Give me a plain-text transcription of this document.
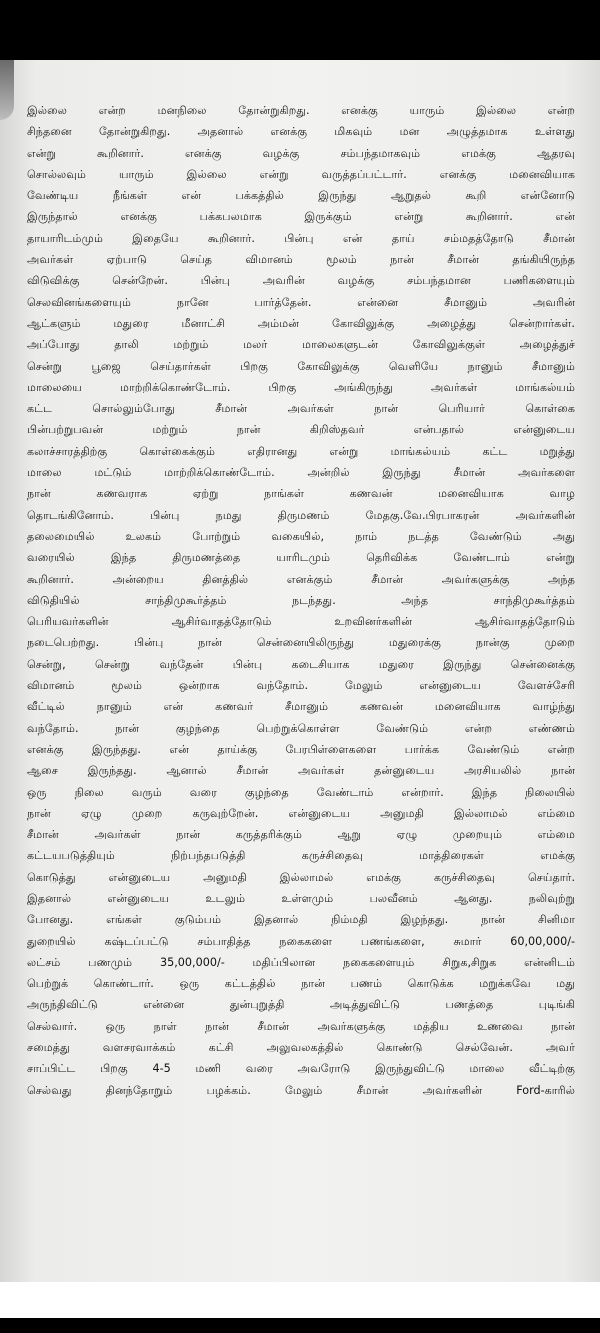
இல்லை என்ற மனநிலை தோன்றுகிறது. எனக்கு யாரும் இல்லை என்ற
சிந்தனை தோன்றுகிறது. அதனால் எனக்கு மிகவும் மன அழுத்தமாக உள்ளது
என்று கூறினார். எனக்கு வழக்கு சம்பந்தமாகவும் எமக்கு ஆதரவு
சொல்லவும் யாரும் இல்லை என்று வருத்தப்பட்டார். எனக்கு மனைவியாக
வேண்டிய நீங்கள் என் பக்கத்தில் இருந்து ஆறுதல் கூறி என்னோடு
இருந்தால் எனக்கு பக்கபலமாக இருக்கும் என்று கூறினார். என்
தாயாரிடம்மும் இதையே கூறினார். பின்பு என் தாய் சம்மதத்தோடு சீமான்
அவர்கள் ஏற்பாடு செய்த விமானம் மூலம் நான் சீமான் தங்கியிருந்த
விடுவிக்கு சென்றேன். பின்பு அவரின் வழக்கு சம்பந்தமான பணிகளையும்
செலவினங்களையும் நானே பார்த்தேன். என்னை சீமானும் அவரின்
ஆட்களும் மதுரை மீனாட்சி அம்மன் கோவிலுக்கு அழைத்து சென்றார்கள்.
அப்போது தாலி மற்றும் மலர் மாலைகளுடன் கோவிலுக்குள் அழைத்துச்
சென்று பூஜை செய்தார்கள் பிறகு கோவிலுக்கு வெளியே நானும் சீமானும்
மாலையை மாற்றிக்கொண்டோம். பிறகு அங்கிருந்து அவர்கள் மாங்கல்யம்
கட்ட சொல்லும்போது சீமான் அவர்கள் நான் பெரியார் கொள்கை
பின்பற்றுபவன் மற்றும் நான் கிறிஸ்தவர் என்பதால் என்னுடைய
கலாச்சாரத்திற்கு கொள்கைக்கும் எதிரானது என்று மாங்கல்யம் கட்ட மறுத்து
மாலை மட்டும் மாற்றிக்கொண்டோம். அன்றில் இருந்து சீமான் அவர்களை
நான் கணவராக ஏற்று நாங்கள் கணவன் மனைவியாக வாழ
தொடங்கினோம். பின்பு நமது திருமணம் மேதகு.வே.பிரபாகரன் அவர்களின்
தலைமையில் உலகம் போற்றும் வகையில், நாம் நடத்த வேண்டும் அது
வரையில் இந்த திருமணத்தை யாரிடமும் தெரிவிக்க வேண்டாம் என்று
கூறினார். அன்றைய தினத்தில் எனக்கும் சீமான் அவர்களுக்கு அந்த
விடுதியில் சாந்திமுகூர்த்தம் நடந்தது. அந்த சாந்திமுகூர்த்தம்
பெரியவர்களின் ஆசிர்வாதத்தோடும் உறவினர்களின் ஆசிர்வாதத்தோடும்
நடைபெற்றது. பின்பு நான் சென்னையிலிருந்து மதுரைக்கு நான்கு முறை
சென்று, சென்று வந்தேன் பின்பு கடைசியாக மதுரை இருந்து சென்னைக்கு
விமானம் மூலம் ஒன்றாக வந்தோம். மேலும் என்னுடைய வேளச்சேரி
வீட்டில் நானும் என் கணவர் சீமானும் கணவன் மனைவியாக வாழ்ந்து
வந்தோம். நான் குழந்தை பெற்றுக்கொள்ள வேண்டும் என்ற எண்ணம்
எனக்கு இருந்தது. என் தாய்க்கு பேரபிள்ளைகளை பார்க்க வேண்டும் என்ற
ஆசை இருந்தது. ஆனால் சீமான் அவர்கள் தன்னுடைய அரசியலில் நான்
ஒரு நிலை வரும் வரை குழந்தை வேண்டாம் என்றார். இந்த நிலையில்
நான் ஏழு முறை கருவுற்றேன். என்னுடைய அனுமதி இல்லாமல் எம்மை
சீமான் அவர்கள் நான் கருத்தரிக்கும் ஆறு ஏழு முறையும் எம்மை
கட்டயபடுத்தியும் நிற்பந்தபடுத்தி கருச்சிதைவு மாத்திரைகள் எமக்கு
கொடுத்து என்னுடைய அனுமதி இல்லாமல் எமக்கு கருச்சிதைவு செய்தார்.
இதனால் என்னுடைய உடலும் உள்ளமும் பலவீனம் ஆனது. நலிவுற்று
போனது. எங்கள் குடும்பம் இதனால் நிம்மதி இழந்தது. நான் சினிமா
துறையில் கஷ்டப்பட்டு சம்பாதித்த நகைகளை பணங்களை, சுமார் 60,00,000/-
லட்சம் பணமும் 35,00,000/- மதிப்பிலான நகைகளையும் சிறுக,சிறுக என்னிடம்
பெற்றுக் கொண்டார். ஒரு கட்டத்தில் நான் பணம் கொடுக்க மறுக்கவே மது
அருந்திவிட்டு என்னை துன்புறுத்தி அடித்துவிட்டு பணத்தை புடிங்கி
செல்வார். ஒரு நாள் நான் சீமான் அவர்களுக்கு மத்திய உணவை நான்
சமைத்து வளசரவாக்கம் கட்சி அலுவலகத்தில் கொண்டு செல்வேன். அவர்
சாப்பிட்ட பிறகு 4-5 மணி வரை அவரோடு இருந்துவிட்டு மாலை வீட்டிற்கு
செல்வது தினந்தோறும் பழக்கம். மேலும் சீமான் அவர்களின் Ford-காரில்
